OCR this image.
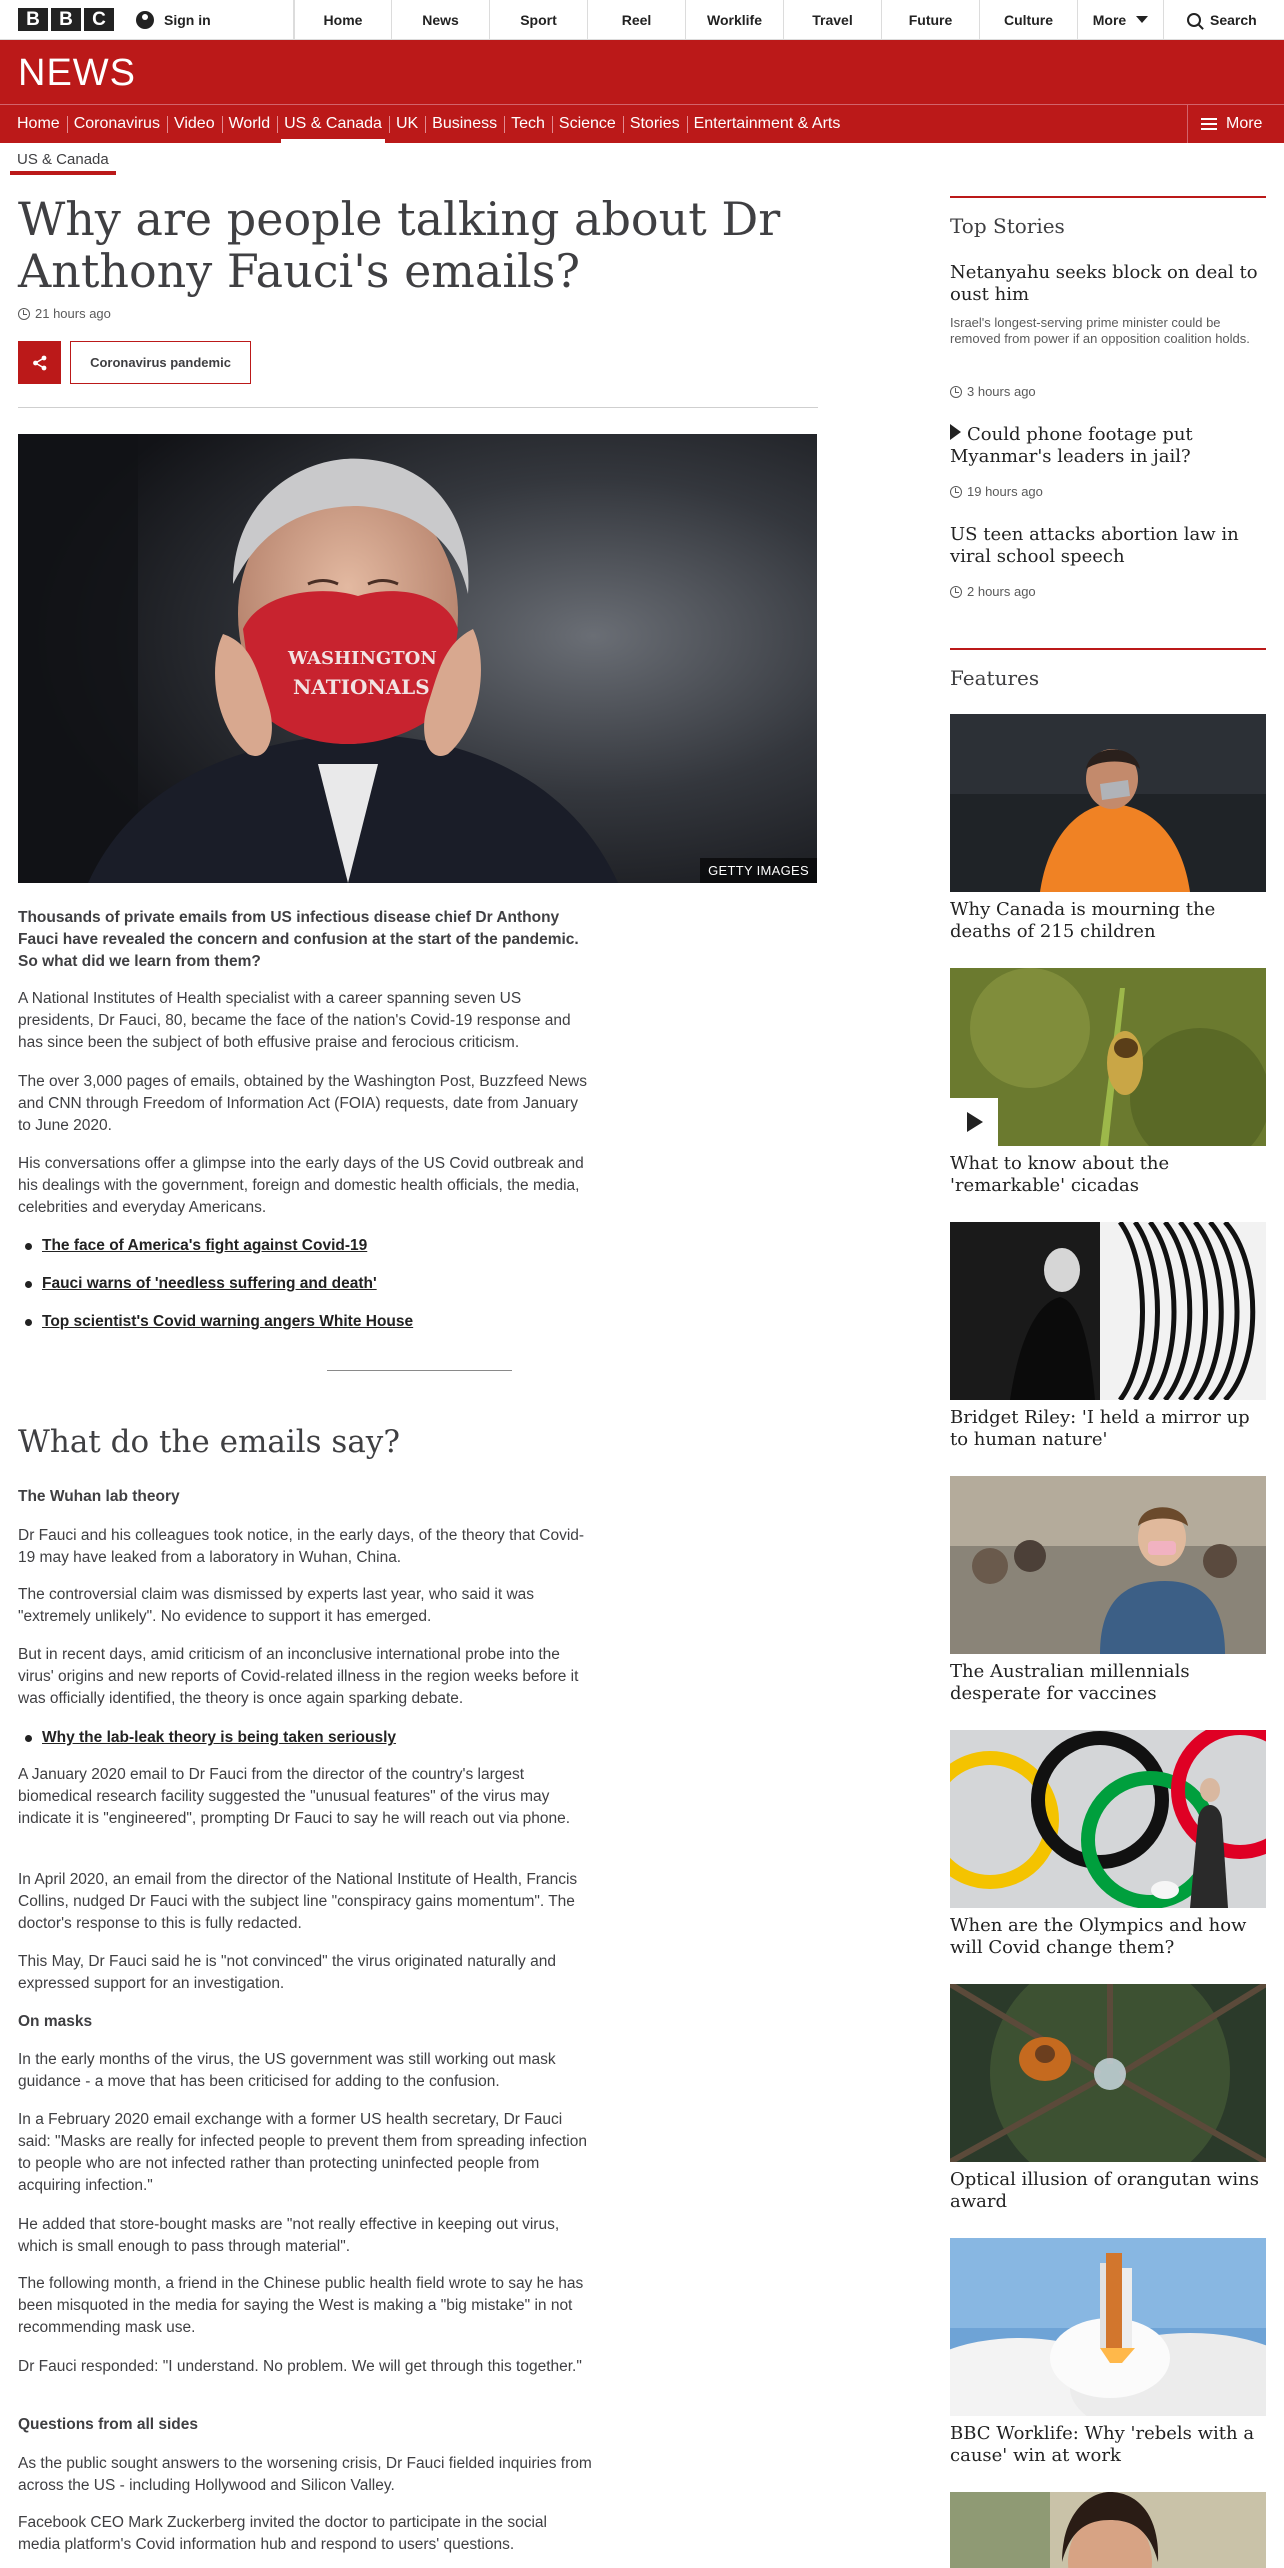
B	B	C	Sign in	Home	News	Sport	Reel	Worklife	Travel	Future	Culture	More	Search
NEWS
Home Coronavirus Video World US & Canada UK Business Tech Science Stories Entertainment & Arts	More
US & Canada
Why are people talking about Dr Anthony Fauci's emails?
21 hours ago
Coronavirus pandemic
WASHINGTON
NATIONALS
GETTY IMAGES
Thousands of private emails from US infectious disease chief Dr Anthony Fauci have revealed the concern and confusion at the start of the pandemic. So what did we learn from them?
A National Institutes of Health specialist with a career spanning seven US presidents, Dr Fauci, 80, became the face of the nation's Covid-19 response and has since been the subject of both effusive praise and ferocious criticism.
The over 3,000 pages of emails, obtained by the Washington Post, Buzzfeed News and CNN through Freedom of Information Act (FOIA) requests, date from January to June 2020.
His conversations offer a glimpse into the early days of the US Covid outbreak and his dealings with the government, foreign and domestic health officials, the media, celebrities and everyday Americans.
The face of America's fight against Covid-19
Fauci warns of 'needless suffering and death'
Top scientist's Covid warning angers White House
What do the emails say?
The Wuhan lab theory
Dr Fauci and his colleagues took notice, in the early days, of the theory that Covid-19 may have leaked from a laboratory in Wuhan, China.
The controversial claim was dismissed by experts last year, who said it was "extremely unlikely". No evidence to support it has emerged.
But in recent days, amid criticism of an inconclusive international probe into the virus' origins and new reports of Covid-related illness in the region weeks before it was officially identified, the theory is once again sparking debate.
Why the lab-leak theory is being taken seriously
A January 2020 email to Dr Fauci from the director of the country's largest biomedical research facility suggested the "unusual features" of the virus may indicate it is "engineered", prompting Dr Fauci to say he will reach out via phone.
In April 2020, an email from the director of the National Institute of Health, Francis Collins, nudged Dr Fauci with the subject line "conspiracy gains momentum". The doctor's response to this is fully redacted.
This May, Dr Fauci said he is "not convinced" the virus originated naturally and expressed support for an investigation.
On masks
In the early months of the virus, the US government was still working out mask guidance - a move that has been criticised for adding to the confusion.
In a February 2020 email exchange with a former US health secretary, Dr Fauci said: "Masks are really for infected people to prevent them from spreading infection to people who are not infected rather than protecting uninfected people from acquiring infection."
He added that store-bought masks are "not really effective in keeping out virus, which is small enough to pass through material".
The following month, a friend in the Chinese public health field wrote to say he has been misquoted in the media for saying the West is making a "big mistake" in not recommending mask use.
Dr Fauci responded: "I understand. No problem. We will get through this together."
Questions from all sides
As the public sought answers to the worsening crisis, Dr Fauci fielded inquiries from across the US - including Hollywood and Silicon Valley.
Facebook CEO Mark Zuckerberg invited the doctor to participate in the social media platform's Covid information hub and respond to users' questions.
Top Stories
Netanyahu seeks block on deal to oust him
Israel's longest-serving prime minister could be removed from power if an opposition coalition holds.
3 hours ago
Could phone footage put Myanmar's leaders in jail?
19 hours ago
US teen attacks abortion law in viral school speech
2 hours ago
Features
Why Canada is mourning the deaths of 215 children
What to know about the 'remarkable' cicadas
Bridget Riley: 'I held a mirror up to human nature'
The Australian millennials desperate for vaccines
When are the Olympics and how will Covid change them?
Optical illusion of orangutan wins award
BBC Worklife: Why 'rebels with a cause' win at work
